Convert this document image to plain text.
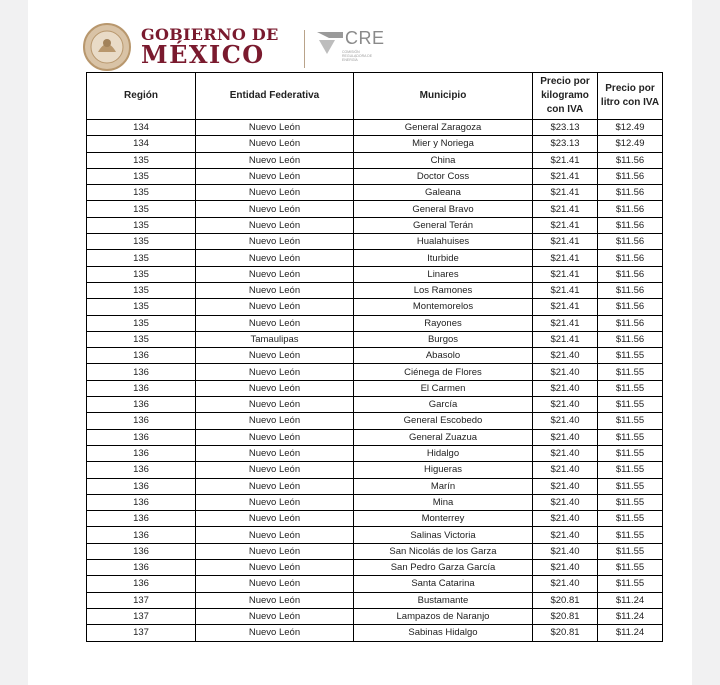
GOBIERNO DE
MÉXICO
CRE
COMISIÓN REGULADORA DE ENERGÍA
Región	Entidad Federativa	Municipio	Precio por kilogramo con IVA	Precio por litro con IVA
134	Nuevo León	General Zaragoza	$23.13	$12.49
134	Nuevo León	Mier y Noriega	$23.13	$12.49
135	Nuevo León	China	$21.41	$11.56
135	Nuevo León	Doctor Coss	$21.41	$11.56
135	Nuevo León	Galeana	$21.41	$11.56
135	Nuevo León	General Bravo	$21.41	$11.56
135	Nuevo León	General Terán	$21.41	$11.56
135	Nuevo León	Hualahuises	$21.41	$11.56
135	Nuevo León	Iturbide	$21.41	$11.56
135	Nuevo León	Linares	$21.41	$11.56
135	Nuevo León	Los Ramones	$21.41	$11.56
135	Nuevo León	Montemorelos	$21.41	$11.56
135	Nuevo León	Rayones	$21.41	$11.56
135	Tamaulipas	Burgos	$21.41	$11.56
136	Nuevo León	Abasolo	$21.40	$11.55
136	Nuevo León	Ciénega de Flores	$21.40	$11.55
136	Nuevo León	El Carmen	$21.40	$11.55
136	Nuevo León	García	$21.40	$11.55
136	Nuevo León	General Escobedo	$21.40	$11.55
136	Nuevo León	General Zuazua	$21.40	$11.55
136	Nuevo León	Hidalgo	$21.40	$11.55
136	Nuevo León	Higueras	$21.40	$11.55
136	Nuevo León	Marín	$21.40	$11.55
136	Nuevo León	Mina	$21.40	$11.55
136	Nuevo León	Monterrey	$21.40	$11.55
136	Nuevo León	Salinas Victoria	$21.40	$11.55
136	Nuevo León	San Nicolás de los Garza	$21.40	$11.55
136	Nuevo León	San Pedro Garza García	$21.40	$11.55
136	Nuevo León	Santa Catarina	$21.40	$11.55
137	Nuevo León	Bustamante	$20.81	$11.24
137	Nuevo León	Lampazos de Naranjo	$20.81	$11.24
137	Nuevo León	Sabinas Hidalgo	$20.81	$11.24
